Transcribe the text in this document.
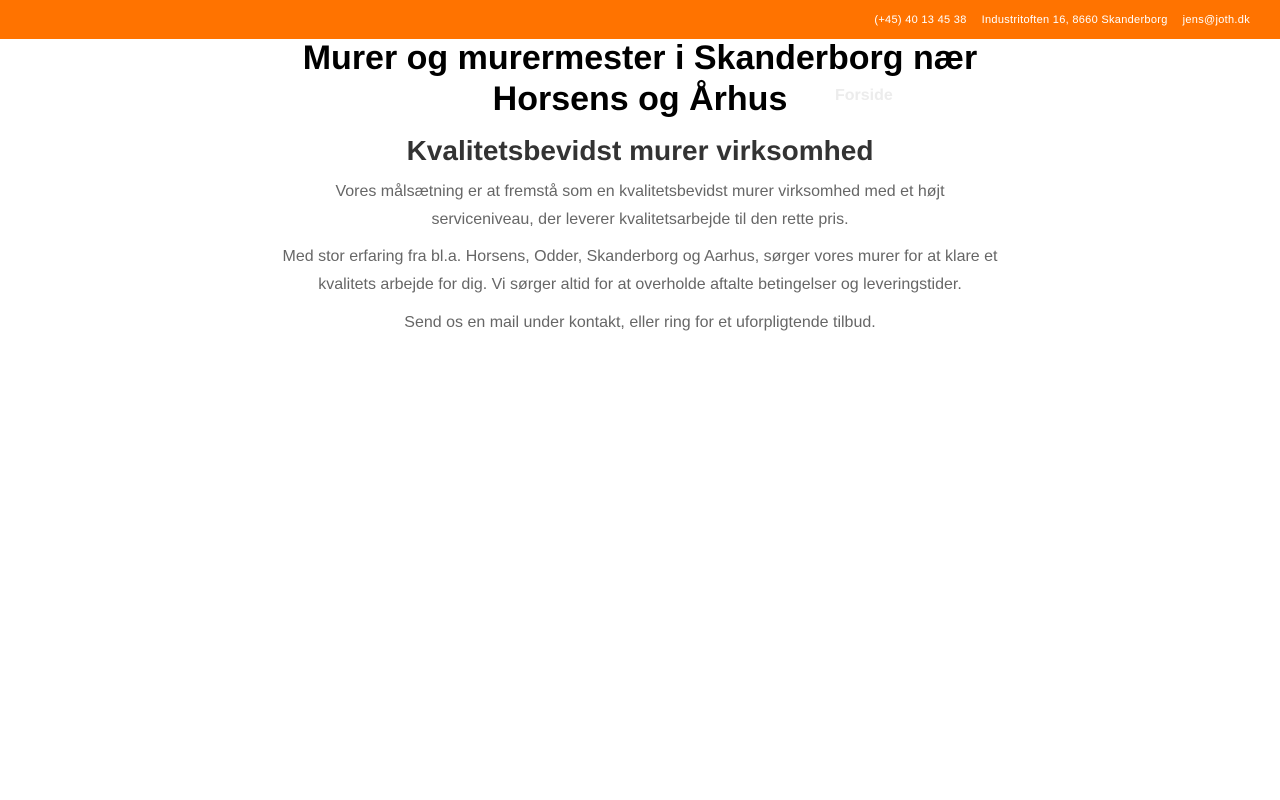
(+45) 40 13 45 38 Industritoften 16, 8660 Skanderborg jens@joth.dk
Forside
Murer og murermester i Skanderborg nær Horsens og Århus
Kvalitetsbevidst murer virksomhed

Vores målsætning er at fremstå som en kvalitetsbevidst murer virksomhed med et højt serviceniveau, der leverer kvalitetsarbejde til den rette pris.

Med stor erfaring fra bl.a. Horsens, Odder, Skanderborg og Aarhus, sørger vores murer for at klare et kvalitets arbejde for dig. Vi sørger altid for at overholde aftalte betingelser og leveringstider.

Send os en mail under kontakt, eller ring for et uforpligtende tilbud.
